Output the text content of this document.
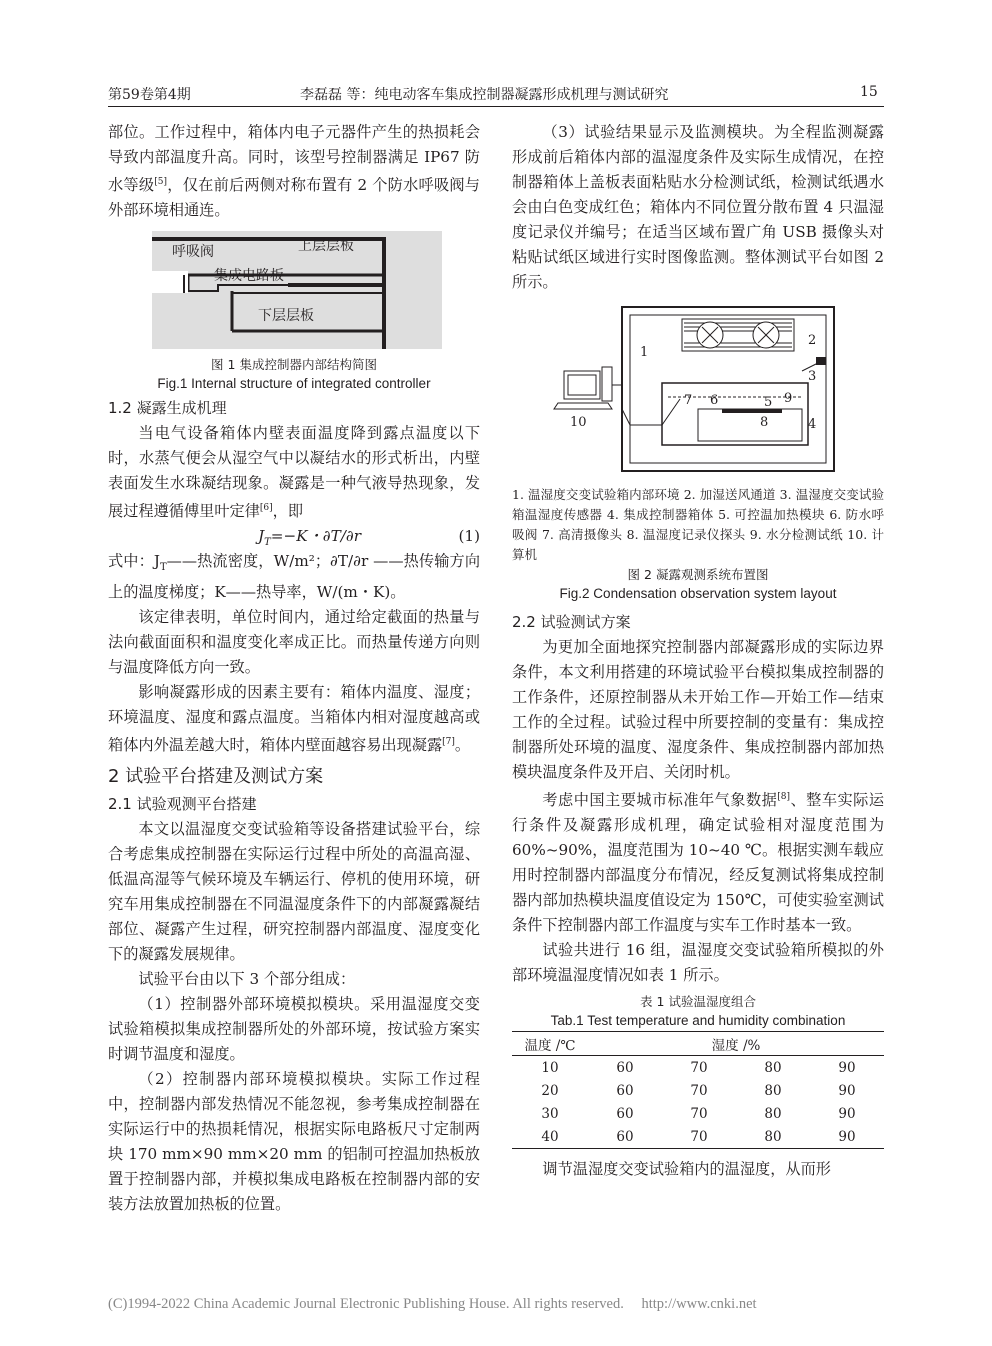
第59卷第4期	李磊磊 等：纯电动客车集成控制器凝露形成机理与测试研究	15

部位。工作过程中，箱体内电子元器件产生的热损耗会导致内部温度升高。同时，该型号控制器满足 IP67 防水等级[5]，仅在前后两侧对称布置有 2 个防水呼吸阀与外部环境相通连。

呼吸阀	上层层板
集成电路板
下层层板

图 1 集成控制器内部结构简图

Fig.1 Internal structure of integrated controller

1.2 凝露生成机理

当电气设备箱体内壁表面温度降到露点温度以下时，水蒸气便会从湿空气中以凝结水的形式析出，内壁表面发生水珠凝结现象。凝露是一种气液导热现象，发展过程遵循傅里叶定律[6]，即

$J_T=-K$・∂T/∂r	(1)

式中：$J_T——$热流密度，W/m²；∂T/∂r ——热传输方向上的温度梯度；K——热导率，W/(m・K)。

该定律表明，单位时间内，通过给定截面的热量与法向截面面积和温度变化率成正比。而热量传递方向则与温度降低方向一致。

影响凝露形成的因素主要有：箱体内温度、湿度；环境温度、湿度和露点温度。当箱体内相对湿度越高或箱体内外温差越大时，箱体内壁面越容易出现凝露[7]。

2 试验平台搭建及测试方案

2.1 试验观测平台搭建

本文以温湿度交变试验箱等设备搭建试验平台，综合考虑集成控制器在实际运行过程中所处的高温高湿、低温高湿等气候环境及车辆运行、停机的使用环境，研究车用集成控制器在不同温湿度条件下的内部凝露凝结部位、凝露产生过程，研究控制器内部温度、湿度变化下的凝露发展规律。

试验平台由以下 3 个部分组成：

（1）控制器外部环境模拟模块。采用温湿度交变试验箱模拟集成控制器所处的外部环境，按试验方案实时调节温度和湿度。

（2）控制器内部环境模拟模块。实际工作过程中，控制器内部发热情况不能忽视，参考集成控制器在实际运行中的热损耗情况，根据实际电路板尺寸定制两块 170 mm×90 mm×20 mm 的铝制可控温加热板放置于控制器内部，并模拟集成电路板在控制器内部的安装方法放置加热板的位置。

（3）试验结果显示及监测模块。为全程监测凝露形成前后箱体内部的温湿度条件及实际生成情况，在控制器箱体上盖板表面粘贴水分检测试纸，检测试纸遇水会由白色变成红色；箱体内不同位置分散布置 4 只温湿度记录仪并编号；在适当区域布置广角 USB 摄像头对粘贴试纸区域进行实时图像监测。整体测试平台如图 2 所示。

1
2
3
4
5
6
7
8
9
10

1. 温湿度交变试验箱内部环境 2. 加湿送风通道 3. 温湿度交变试验箱温湿度传感器 4. 集成控制器箱体 5. 可控温加热模块 6. 防水呼吸阀 7. 高清摄像头 8. 温湿度记录仪探头 9. 水分检测试纸 10. 计算机

图 2 凝露观测系统布置图

Fig.2 Condensation observation system layout

2.2 试验测试方案

为更加全面地探究控制器内部凝露形成的实际边界条件，本文利用搭建的环境试验平台模拟集成控制器的工作条件，还原控制器从未开始工作—开始工作—结束工作的全过程。试验过程中所要控制的变量有：集成控制器所处环境的温度、湿度条件、集成控制器内部加热模块温度条件及开启、关闭时机。

考虑中国主要城市标准年气象数据[8]、整车实际运行条件及凝露形成机理，确定试验相对湿度范围为 60%~90%，温度范围为 10~40 ℃。根据实测车载应用时控制器内部温度分布情况，经反复测试将集成控制器内部加热模块温度值设定为 150℃，可使实验室测试条件下控制器内部工作温度与实车工作时基本一致。

试验共进行 16 组，温湿度交变试验箱所模拟的外部环境温湿度情况如表 1 所示。

表 1 试验温湿度组合

Tab.1 Test temperature and humidity combination

温度 /℃	湿度 /%			
10	60	70	80	90
20	60	70	80	90
30	60	70	80	90
40	60	70	80	90

调节温湿度交变试验箱内的温湿度，从而形

(C)1994-2022 China Academic Journal Electronic Publishing House. All rights reserved. http://www.cnki.net
